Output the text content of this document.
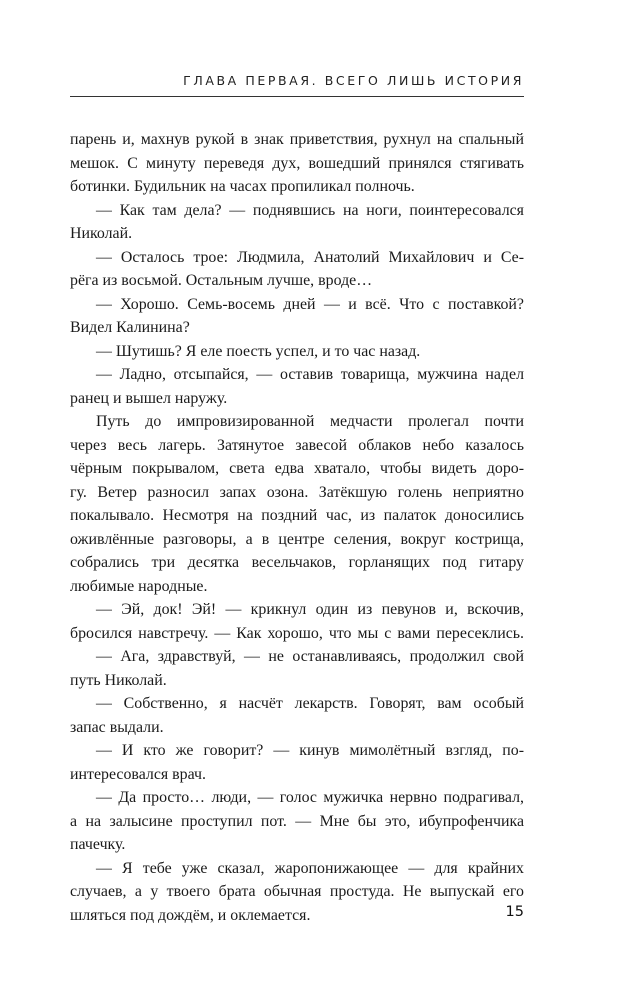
ГЛАВА ПЕРВАЯ. ВСЕГО ЛИШЬ ИСТОРИЯ
парень и, махнув рукой в знак приветствия, рухнул на спальный
мешок. С минуту переведя дух, вошедший принялся стягивать
ботинки. Будильник на часах пропиликал полночь.
— Как там дела? — поднявшись на ноги, поинтересовался
Николай.
— Осталось трое: Людмила, Анатолий Михайлович и Се-
рёга из восьмой. Остальным лучше, вроде…
— Хорошо. Семь-восемь дней — и всё. Что с поставкой?
Видел Калинина?
— Шутишь? Я еле поесть успел, и то час назад.
— Ладно, отсыпайся, — оставив товарища, мужчина надел
ранец и вышел наружу.
Путь до импровизированной медчасти пролегал почти
через весь лагерь. Затянутое завесой облаков небо казалось
чёрным покрывалом, света едва хватало, чтобы видеть доро-
гу. Ветер разносил запах озона. Затёкшую голень неприятно
покалывало. Несмотря на поздний час, из палаток доносились
оживлённые разговоры, а в центре селения, вокруг кострища,
собрались три десятка весельчаков, горланящих под гитару
любимые народные.
— Эй, док! Эй! — крикнул один из певунов и, вскочив,
бросился навстречу. — Как хорошо, что мы с вами пересеклись.
— Ага, здравствуй, — не останавливаясь, продолжил свой
путь Николай.
— Собственно, я насчёт лекарств. Говорят, вам особый
запас выдали.
— И кто же говорит? — кинув мимолётный взгляд, по-
интересовался врач.
— Да просто… люди, — голос мужичка нервно подрагивал,
а на залысине проступил пот. — Мне бы это, ибупрофенчика
пачечку.
— Я тебе уже сказал, жаропонижающее — для крайних
случаев, а у твоего брата обычная простуда. Не выпускай его
шляться под дождём, и оклемается.	15
